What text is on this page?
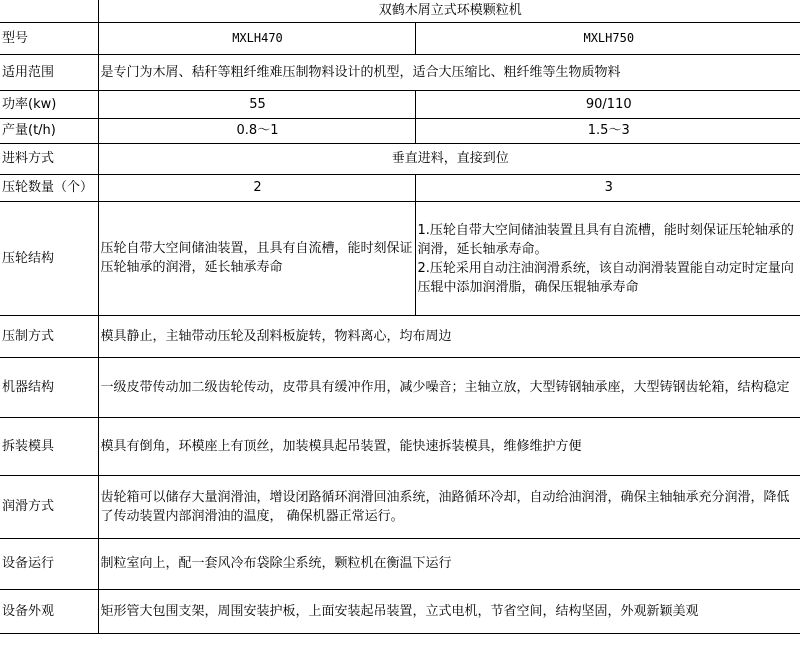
	双鹤木屑立式环模颗粒机	
型号	MXLH470	MXLH750
适用范围	是专门为木屑、秸秆等粗纤维难压制物料设计的机型，适合大压缩比、粗纤维等生物质物料	
功率(kw)	55	90/110
产量(t/h)	0.8～1	1.5～3
进料方式	垂直进料，直接到位	
压轮数量（个）	2	3
压轮结构	压轮自带大空间储油装置，且具有自流槽，能时刻保证压轮轴承的润滑，延长轴承寿命	1.压轮自带大空间储油装置且具有自流槽，能时刻保证压轮轴承的润滑，延长轴承寿命。
2.压轮采用自动注油润滑系统，该自动润滑装置能自动定时定量向压辊中添加润滑脂，确保压辊轴承寿命

压制方式	模具静止，主轴带动压轮及刮料板旋转，物料离心，均布周边	
机器结构	一级皮带传动加二级齿轮传动，皮带具有缓冲作用，减少噪音；主轴立放，大型铸钢轴承座，大型铸钢齿轮箱，结构稳定	
拆装模具	模具有倒角，环模座上有顶丝，加装模具起吊装置，能快速拆装模具，维修维护方便	
润滑方式	齿轮箱可以储存大量润滑油，增设闭路循环润滑回油系统，油路循环冷却，自动给油润滑，确保主轴轴承充分润滑，降低了传动装置内部润滑油的温度， 确保机器正常运行。	
设备运行	制粒室向上，配一套风冷布袋除尘系统，颗粒机在衡温下运行	
设备外观	矩形管大包围支架，周围安装护板，上面安装起吊装置，立式电机，节省空间，结构坚固，外观新颖美观	
